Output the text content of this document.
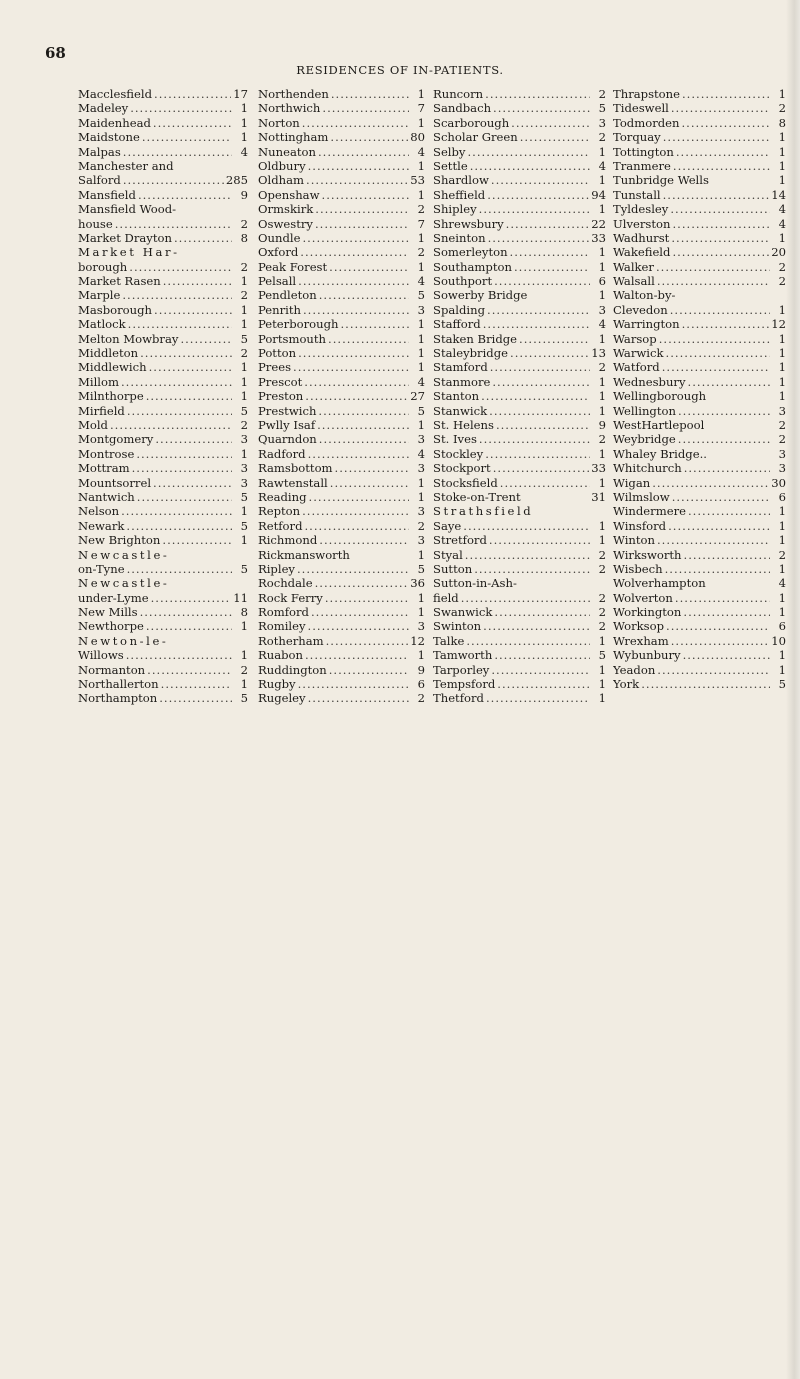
68
RESIDENCES OF IN-PATIENTS.
Macclesfield .....	17
Madeley .....	1
Maidenhead .....	1
Maidstone .....	1
Malpas .....	4
Manchester and
Salford .....	285
Mansfield .....	9
Mansfield Wood-
house .....	2
Market Drayton .....	8
Market Har-
borough .....	2
Market Rasen .....	1
Marple .....	2
Masborough .....	1
Matlock .....	1
Melton Mowbray .....	5
Middleton .....	2
Middlewich .....	1
Millom .....	1
Milnthorpe .....	1
Mirfield .....	5
Mold .....	2
Montgomery .....	3
Montrose .....	1
Mottram .....	3
Mountsorrel .....	3
Nantwich .....	5
Nelson .....	1
Newark .....	5
New Brighton .....	1
Newcastle-
on-Tyne .....	5
Newcastle-
under-Lyme .....	11
New Mills .....	8
Newthorpe .....	1
Newton-le-
Willows .....	1
Normanton .....	2
Northallerton .....	1
Northampton .....	5
Northenden .....	1
Northwich .....	7
Norton .....	1
Nottingham .....	80
Nuneaton .....	4
Oldbury .....	1
Oldham .....	53
Openshaw .....	1
Ormskirk .....	2
Oswestry .....	7
Oundle .....	1
Oxford .....	2
Peak Forest .....	1
Pelsall .....	4
Pendleton .....	5
Penrith .....	3
Peterborough .....	1
Portsmouth .....	1
Potton .....	1
Prees .....	1
Prescot .....	4
Preston .....	27
Prestwich .....	5
Pwlly Isaf .....	1
Quarndon .....	3
Radford .....	4
Ramsbottom .....	3
Rawtenstall .....	1
Reading .....	1
Repton .....	3
Retford .....	2
Richmond .....	3
Rickmansworth	1
Ripley .....	5
Rochdale .....	36
Rock Ferry .....	1
Romford .....	1
Romiley .....	3
Rotherham .....	12
Ruabon .....	1
Ruddington .....	9
Rugby .....	6
Rugeley .....	2
Runcorn .....	2
Sandbach .....	5
Scarborough .....	3
Scholar Green .....	2
Selby .....	1
Settle .....	4
Shardlow .....	1
Sheffield .....	94
Shipley .....	1
Shrewsbury .....	22
Sneinton .....	33
Somerleyton .....	1
Southampton .....	1
Southport .....	6
Sowerby Bridge	1
Spalding .....	3
Stafford .....	4
Staken Bridge .....	1
Staleybridge .....	13
Stamford .....	2
Stanmore .....	1
Stanton .....	1
Stanwick .....	1
St. Helens .....	9
St. Ives .....	2
Stockley .....	1
Stockport .....	33
Stocksfield .....	1
Stoke-on-Trent	31
Strathsfield
Saye .....	1
Stretford .....	1
Styal .....	2
Sutton .....	2
Sutton-in-Ash-
field .....	2
Swanwick .....	2
Swinton .....	2
Talke .....	1
Tamworth .....	5
Tarporley .....	1
Tempsford .....	1
Thetford .....	1
Thrapstone .....	1
Tideswell .....	2
Todmorden .....	8
Torquay .....	1
Tottington .....	1
Tranmere .....	1
Tunbridge Wells	1
Tunstall .....	14
Tyldesley .....	4
Ulverston .....	4
Wadhurst .....	1
Wakefield .....	20
Walker .....	2
Walsall .....	2
Walton-by-
Clevedon .....	1
Warrington .....	12
Warsop .....	1
Warwick .....	1
Watford .....	1
Wednesbury .....	1
Wellingborough	1
Wellington .....	3
WestHartlepool	2
Weybridge .....	2
Whaley Bridge..	3
Whitchurch .....	3
Wigan .....	30
Wilmslow .....	6
Windermere .....	1
Winsford .....	1
Winton .....	1
Wirksworth .....	2
Wisbech .....	1
Wolverhampton	4
Wolverton .....	1
Workington .....	1
Worksop .....	6
Wrexham .....	10
Wybunbury .....	1
Yeadon .....	1
York .....	5
